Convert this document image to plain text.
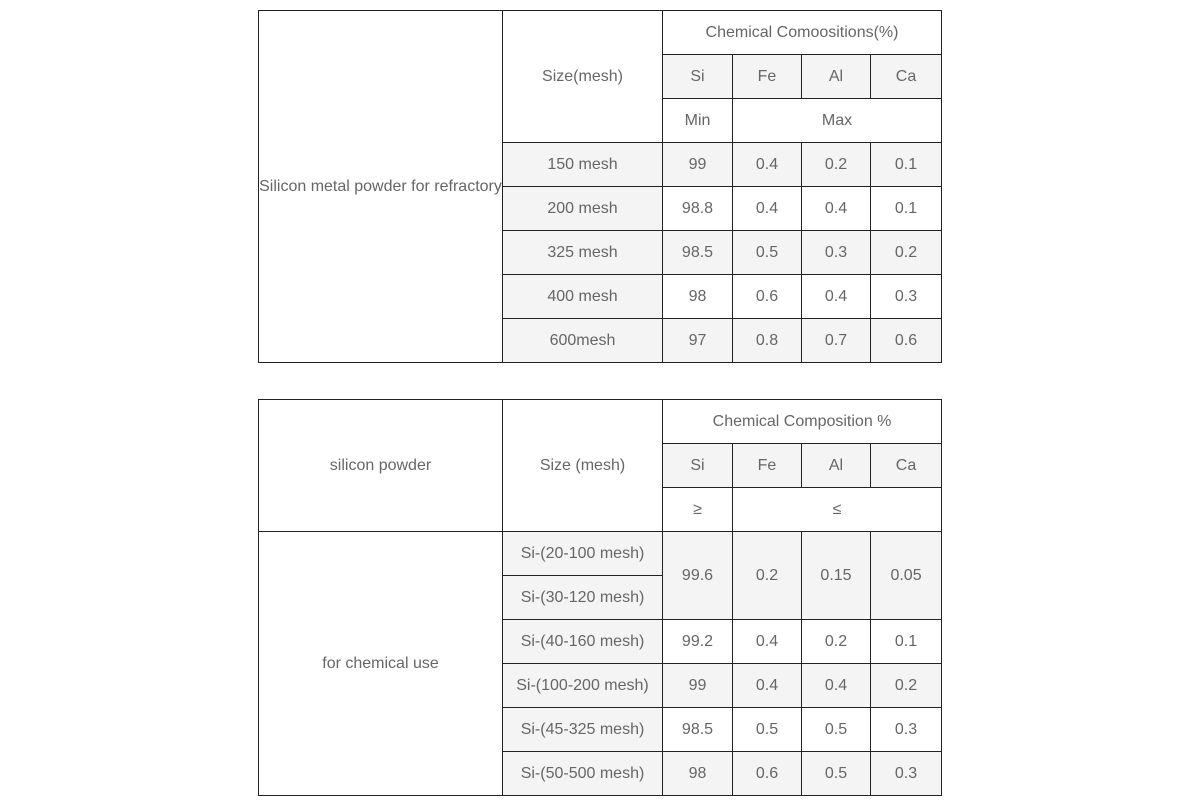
Silicon metal powder for refractory	Size(mesh)	Chemical Comoositions(%)			
		Si	Fe	Al	Ca
		Min	Max		
	150 mesh	99	0.4	0.2	0.1
	200 mesh	98.8	0.4	0.4	0.1
	325 mesh	98.5	0.5	0.3	0.2
	400 mesh	98	0.6	0.4	0.3
	600mesh	97	0.8	0.7	0.6
silicon powder	Size (mesh)	Chemical Composition %			
		Si	Fe	Al	Ca
		≥	≤		
for chemical use	Si-(20-100 mesh)	99.6	0.2	0.15	0.05
	Si-(30-120 mesh)				
	Si-(40-160 mesh)	99.2	0.4	0.2	0.1
	Si-(100-200 mesh)	99	0.4	0.4	0.2
	Si-(45-325 mesh)	98.5	0.5	0.5	0.3
	Si-(50-500 mesh)	98	0.6	0.5	0.3
